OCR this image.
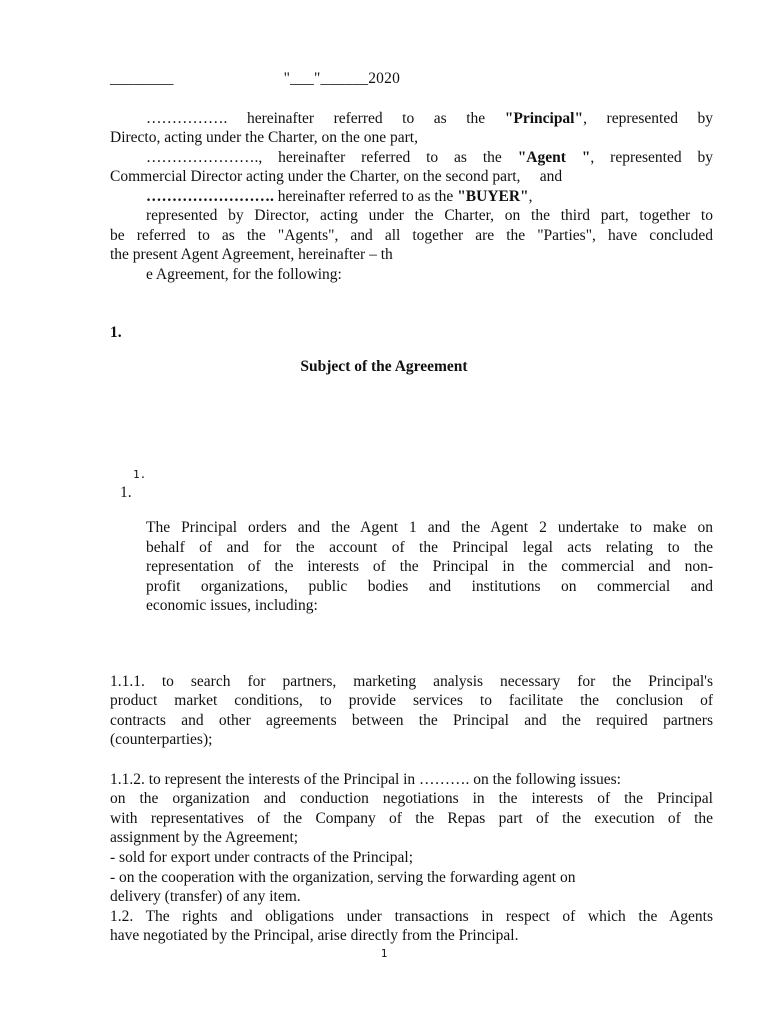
________	"___"______2020
……………. hereinafter referred to as the "Principal", represented by
Directo, acting under the Charter, on the one part,
…………………., hereinafter referred to as the "Agent ", represented by
Commercial Director acting under the Charter, on the second part,     and
……………………. hereinafter referred to as the "BUYER",
represented by Director, acting under the Charter, on the third part, together to
be referred to as the "Agents", and all together are the "Parties", have concluded
the present Agent Agreement, hereinafter – th
e Agreement, for the following:
1.
Subject of the Agreement
1.
1.
The Principal orders and the Agent 1 and the Agent 2 undertake to make on
behalf of and for the account of the Principal legal acts relating to the
representation of the interests of the Principal in the commercial and non-
profit organizations, public bodies and institutions on commercial and
economic issues, including:
1.1.1. to search for partners, marketing analysis necessary for the Principal's
product market conditions, to provide services to facilitate the conclusion of
contracts and other agreements between the Principal and the required partners
(counterparties);
1.1.2. to represent the interests of the Principal in ………. on the following issues:
on the organization and conduction negotiations in the interests of the Principal
with representatives of the Company of the Repas part of the execution of the
assignment by the Agreement;
- sold for export under contracts of the Principal;
- on the cooperation with the organization, serving the forwarding agent on
delivery (transfer) of any item.
1.2. The rights and obligations under transactions in respect of which the Agents
have negotiated by the Principal, arise directly from the Principal.
1
